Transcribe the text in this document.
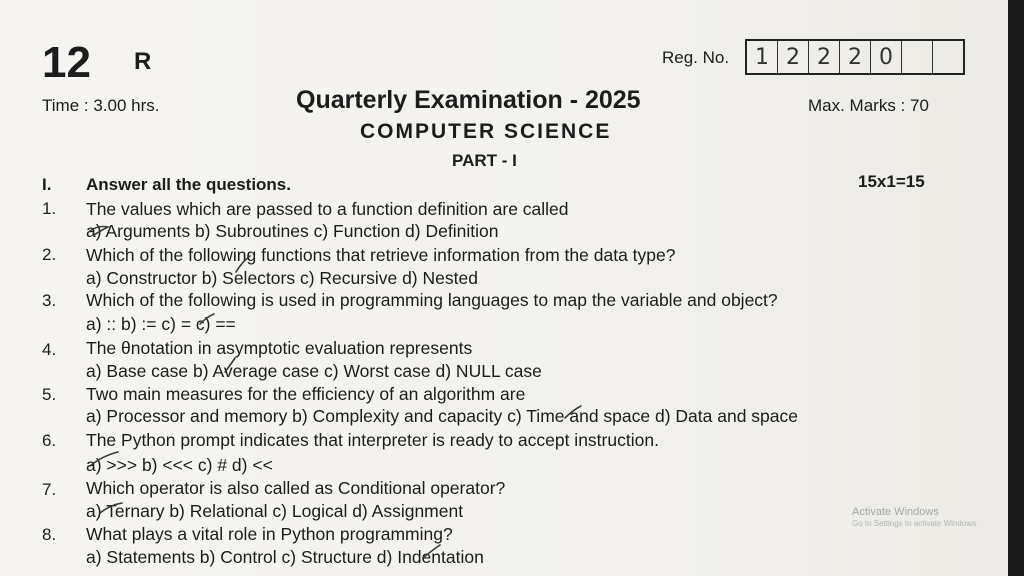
12 R	Reg. No.	1 2 2 2 0
Time : 3.00 hrs.	Quarterly Examination - 2025	Max. Marks : 70
COMPUTER SCIENCE
PART - I
I. Answer all the questions.	15x1=15
1. The values which are passed to a function definition are called
a) Arguments b) Subroutines c) Function d) Definition
2. Which of the following functions that retrieve information from the data type?
a) Constructor b) Selectors c) Recursive d) Nested
3. Which of the following is used in programming languages to map the variable and object?
a) :: b) := c) = c) ==
4. The θnotation in asymptotic evaluation represents
a) Base case b) Average case c) Worst case d) NULL case
5. Two main measures for the efficiency of an algorithm are
a) Processor and memory b) Complexity and capacity c) Time and space d) Data and space
6. The Python prompt indicates that interpreter is ready to accept instruction.
a) >>> b) <<< c) # d) <<
7. Which operator is also called as Conditional operator?
a) Ternary b) Relational c) Logical d) Assignment
8. What plays a vital role in Python programming?
a) Statements b) Control c) Structure d) Indentation
Activate Windows
Go to Settings to activate Windows.
